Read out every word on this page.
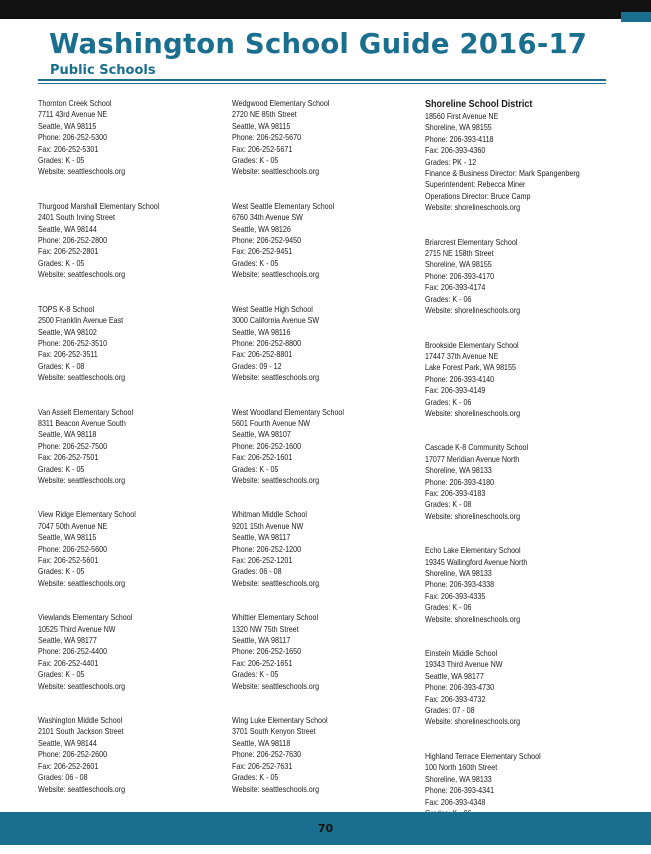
Washington School Guide 2016-17
Public Schools
Thornton Creek School
7711 43rd Avenue NE
Seattle, WA 98115
Phone: 206-252-5300
Fax: 206-252-5301
Grades: K - 05
Website: seattleschools.org
Thurgood Marshall Elementary School
2401 South Irving Street
Seattle, WA 98144
Phone: 206-252-2800
Fax: 206-252-2801
Grades: K - 05
Website: seattleschools.org
TOPS K-8 School
2500 Franklin Avenue East
Seattle, WA 98102
Phone: 206-252-3510
Fax: 206-252-3511
Grades: K - 08
Website: seattleschools.org
Van Asselt Elementary School
8311 Beacon Avenue South
Seattle, WA 98118
Phone: 206-252-7500
Fax: 206-252-7501
Grades: K - 05
Website: seattleschools.org
View Ridge Elementary School
7047 50th Avenue NE
Seattle, WA 98115
Phone: 206-252-5600
Fax: 206-252-5601
Grades: K - 05
Website: seattleschools.org
Viewlands Elementary School
10525 Third Avenue NW
Seattle, WA 98177
Phone: 206-252-4400
Fax: 206-252-4401
Grades: K - 05
Website: seattleschools.org
Washington Middle School
2101 South Jackson Street
Seattle, WA 98144
Phone: 206-252-2600
Fax: 206-252-2601
Grades: 06 - 08
Website: seattleschools.org
Wedgwood Elementary School
2720 NE 85th Street
Seattle, WA 98115
Phone: 206-252-5670
Fax: 206-252-5671
Grades: K - 05
Website: seattleschools.org
West Seattle Elementary School
6760 34th Avenue SW
Seattle, WA 98126
Phone: 206-252-9450
Fax: 206-252-9451
Grades: K - 05
Website: seattleschools.org
West Seattle High School
3000 California Avenue SW
Seattle, WA 98116
Phone: 206-252-8800
Fax: 206-252-8801
Grades: 09 - 12
Website: seattleschools.org
West Woodland Elementary School
5601 Fourth Avenue NW
Seattle, WA 98107
Phone: 206-252-1600
Fax: 206-252-1601
Grades: K - 05
Website: seattleschools.org
Whitman Middle School
9201 15th Avenue NW
Seattle, WA 98117
Phone: 206-252-1200
Fax: 206-252-1201
Grades: 06 - 08
Website: seattleschools.org
Whittier Elementary School
1320 NW 75th Street
Seattle, WA 98117
Phone: 206-252-1650
Fax: 206-252-1651
Grades: K - 05
Website: seattleschools.org
Wing Luke Elementary School
3701 South Kenyon Street
Seattle, WA 98118
Phone: 206-252-7630
Fax: 206-252-7631
Grades: K - 05
Website: seattleschools.org
Shoreline School District
18560 First Avenue NE
Shoreline, WA 98155
Phone: 206-393-4118
Fax: 206-393-4360
Grades: PK - 12
Finance & Business Director: Mark Spangenberg
Superintendent: Rebecca Miner
Operations Director: Bruce Camp
Website: shorelineschools.org
Briarcrest Elementary School
2715 NE 158th Street
Shoreline, WA 98155
Phone: 206-393-4170
Fax: 206-393-4174
Grades: K - 06
Website: shorelineschools.org
Brookside Elementary School
17447 37th Avenue NE
Lake Forest Park, WA 98155
Phone: 206-393-4140
Fax: 206-393-4149
Grades: K - 06
Website: shorelineschools.org
Cascade K-8 Community School
17077 Meridian Avenue North
Shoreline, WA 98133
Phone: 206-393-4180
Fax: 206-393-4183
Grades: K - 08
Website: shorelineschools.org
Echo Lake Elementary School
19345 Wallingford Avenue North
Shoreline, WA 98133
Phone: 206-393-4338
Fax: 206-393-4335
Grades: K - 06
Website: shorelineschools.org
Einstein Middle School
19343 Third Avenue NW
Seattle, WA 98177
Phone: 206-393-4730
Fax: 206-393-4732
Grades: 07 - 08
Website: shorelineschools.org
Highland Terrace Elementary School
100 North 160th Street
Shoreline, WA 98133
Phone: 206-393-4341
Fax: 206-393-4348
70
